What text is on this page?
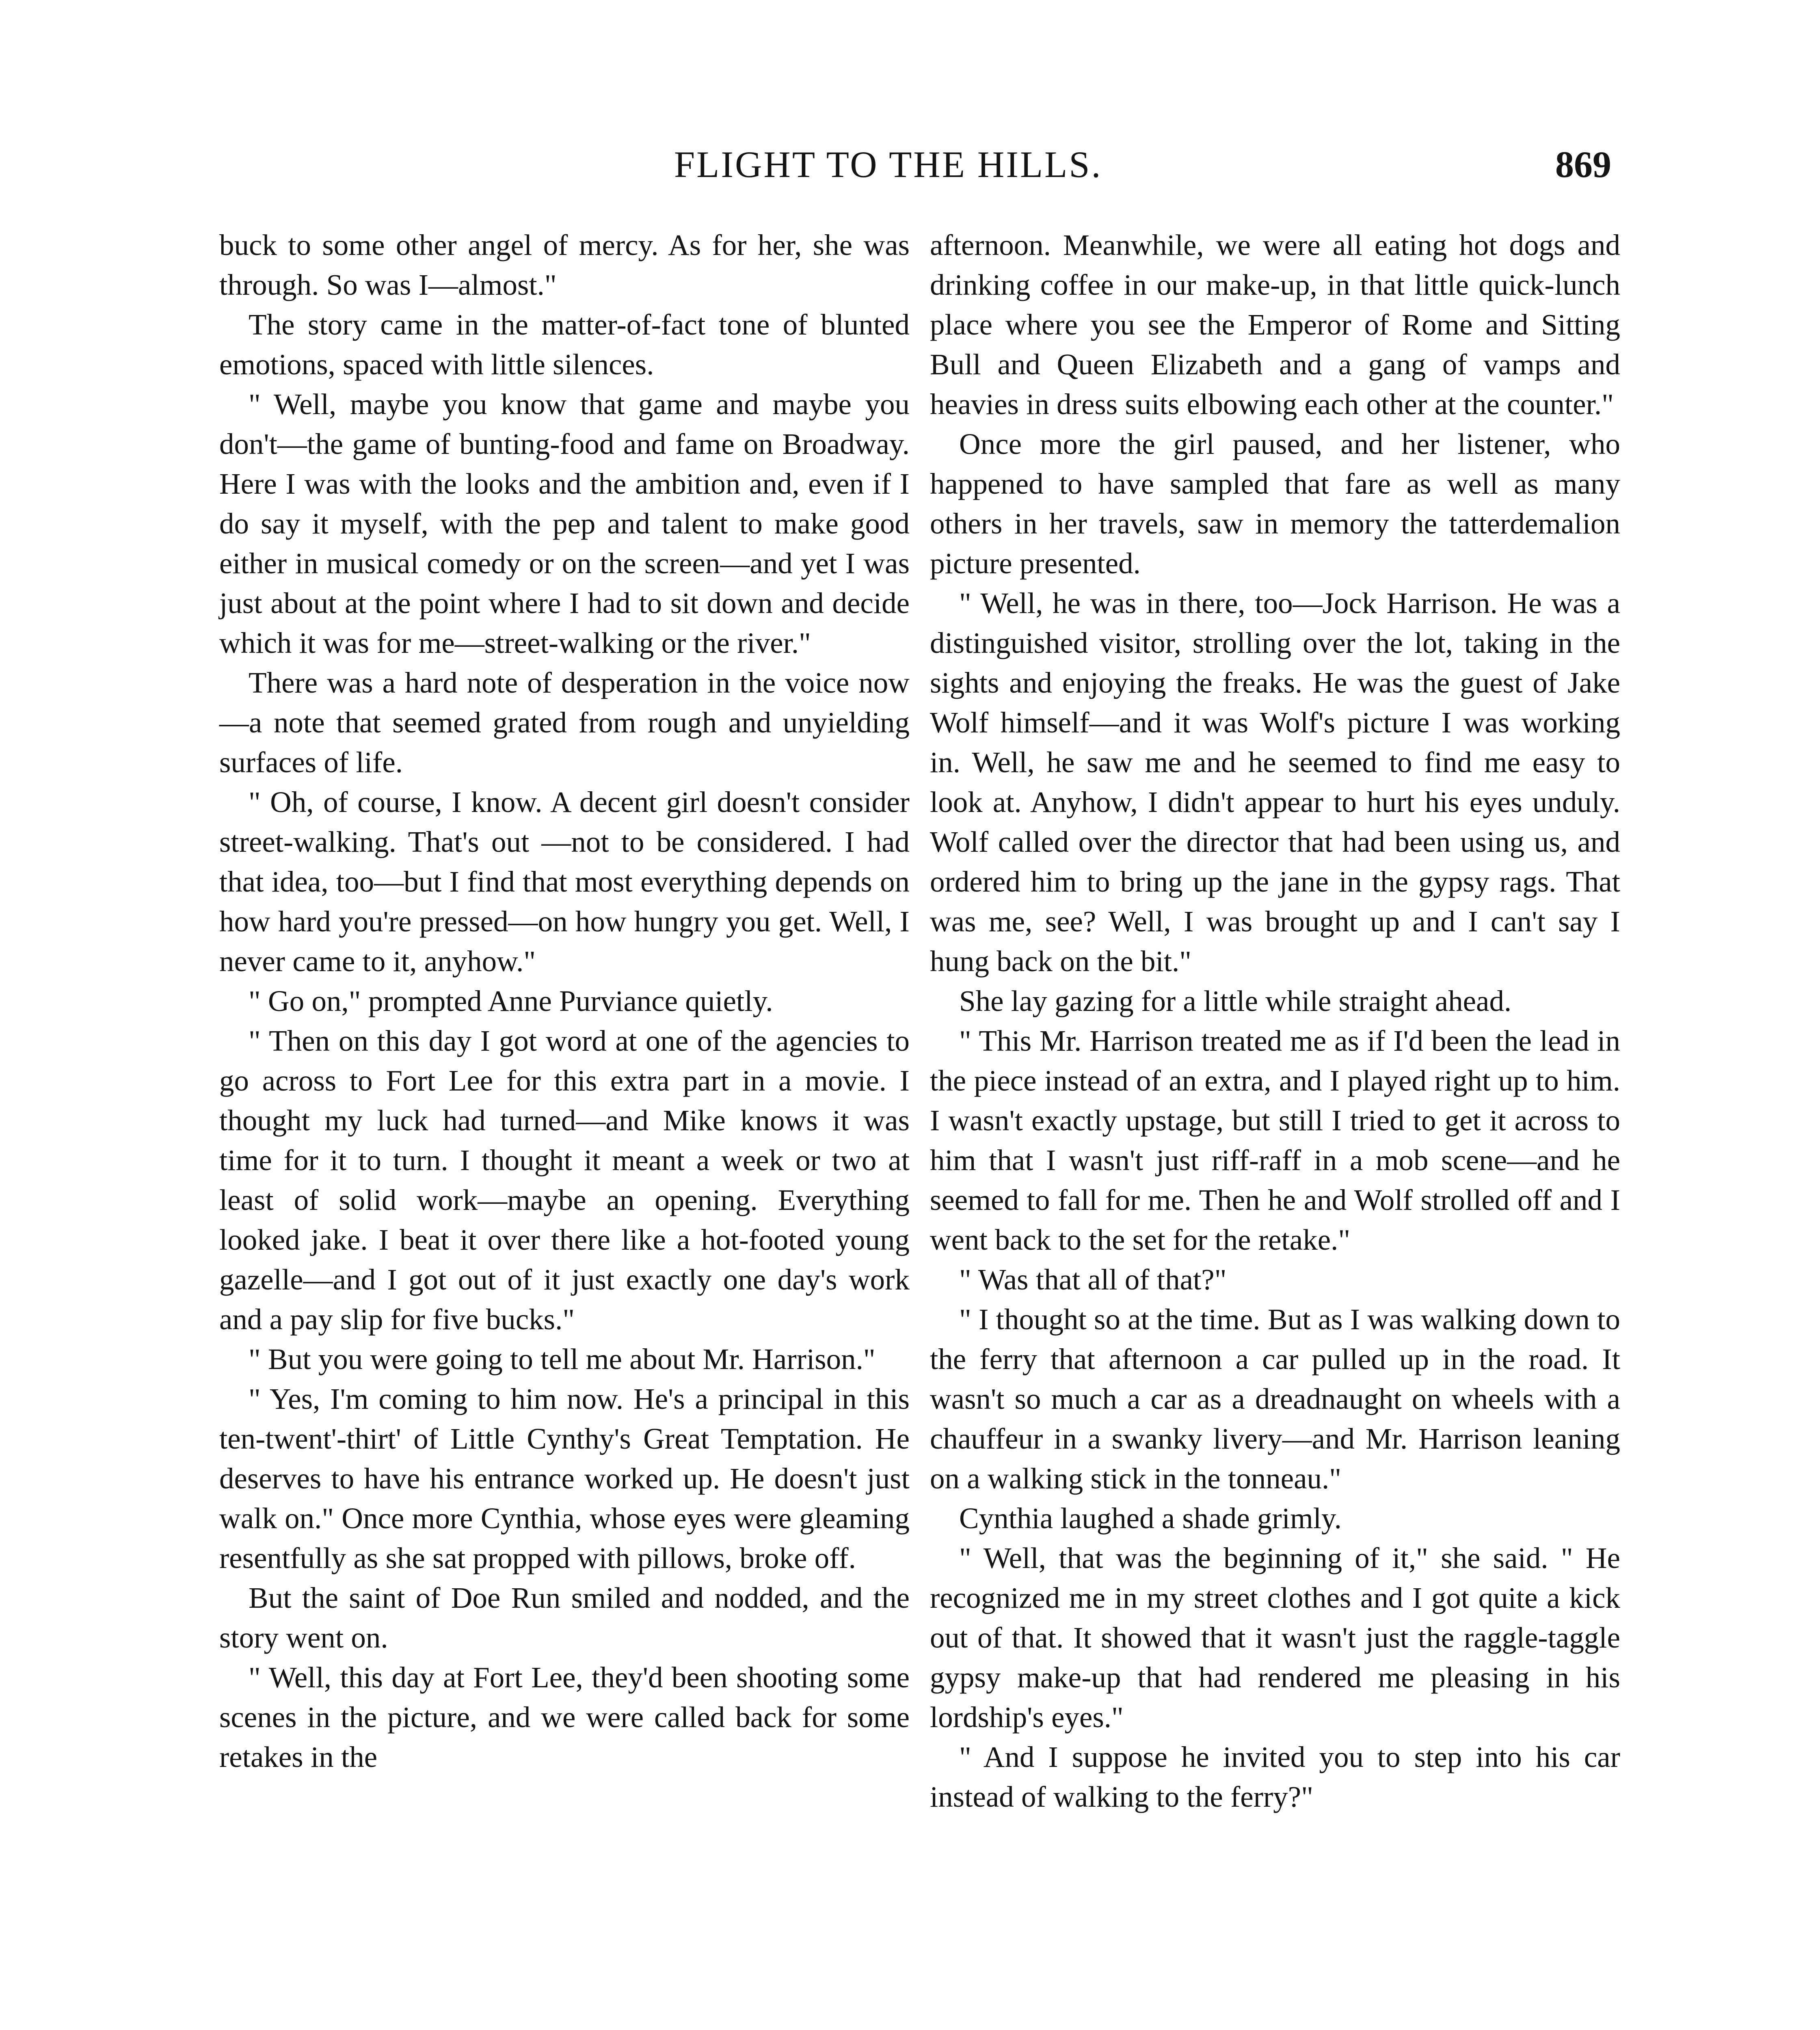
FLIGHT TO THE HILLS.	869

buck to some other angel of mercy. As for her, she was through. So was I—almost."

The story came in the matter-of-fact tone of blunted emotions, spaced with little silences.

" Well, maybe you know that game and maybe you don't—the game of bunting-food and fame on Broadway. Here I was with the looks and the ambition and, even if I do say it myself, with the pep and talent to make good either in musical comedy or on the screen—and yet I was just about at the point where I had to sit down and decide which it was for me—street-walking or the river."

There was a hard note of desperation in the voice now—a note that seemed grated from rough and unyielding surfaces of life.

" Oh, of course, I know. A decent girl doesn't consider street-walking. That's out —not to be considered. I had that idea, too—but I find that most everything depends on how hard you're pressed—on how hungry you get. Well, I never came to it, anyhow."

" Go on," prompted Anne Purviance quietly.

" Then on this day I got word at one of the agencies to go across to Fort Lee for this extra part in a movie. I thought my luck had turned—and Mike knows it was time for it to turn. I thought it meant a week or two at least of solid work—maybe an opening. Everything looked jake. I beat it over there like a hot-footed young gazelle—and I got out of it just exactly one day's work and a pay slip for five bucks."

" But you were going to tell me about Mr. Harrison."

" Yes, I'm coming to him now. He's a principal in this ten-twent'-thirt' of Little Cynthy's Great Temptation. He deserves to have his entrance worked up. He doesn't just walk on." Once more Cynthia, whose eyes were gleaming resentfully as she sat propped with pillows, broke off.

But the saint of Doe Run smiled and nodded, and the story went on.

" Well, this day at Fort Lee, they'd been shooting some scenes in the picture, and we were called back for some retakes in the

afternoon. Meanwhile, we were all eating hot dogs and drinking coffee in our make-up, in that little quick-lunch place where you see the Emperor of Rome and Sitting Bull and Queen Elizabeth and a gang of vamps and heavies in dress suits elbowing each other at the counter."

Once more the girl paused, and her listener, who happened to have sampled that fare as well as many others in her travels, saw in memory the tatterdemalion picture presented.

" Well, he was in there, too—Jock Harrison. He was a distinguished visitor, strolling over the lot, taking in the sights and enjoying the freaks. He was the guest of Jake Wolf himself—and it was Wolf's picture I was working in. Well, he saw me and he seemed to find me easy to look at. Anyhow, I didn't appear to hurt his eyes unduly. Wolf called over the director that had been using us, and ordered him to bring up the jane in the gypsy rags. That was me, see? Well, I was brought up and I can't say I hung back on the bit."

She lay gazing for a little while straight ahead.

" This Mr. Harrison treated me as if I'd been the lead in the piece instead of an extra, and I played right up to him. I wasn't exactly upstage, but still I tried to get it across to him that I wasn't just riff-raff in a mob scene—and he seemed to fall for me. Then he and Wolf strolled off and I went back to the set for the retake."

" Was that all of that?"

" I thought so at the time. But as I was walking down to the ferry that afternoon a car pulled up in the road. It wasn't so much a car as a dreadnaught on wheels with a chauffeur in a swanky livery—and Mr. Harrison leaning on a walking stick in the tonneau."

Cynthia laughed a shade grimly.

" Well, that was the beginning of it," she said. " He recognized me in my street clothes and I got quite a kick out of that. It showed that it wasn't just the raggle-taggle gypsy make-up that had rendered me pleasing in his lordship's eyes."

" And I suppose he invited you to step into his car instead of walking to the ferry?"
